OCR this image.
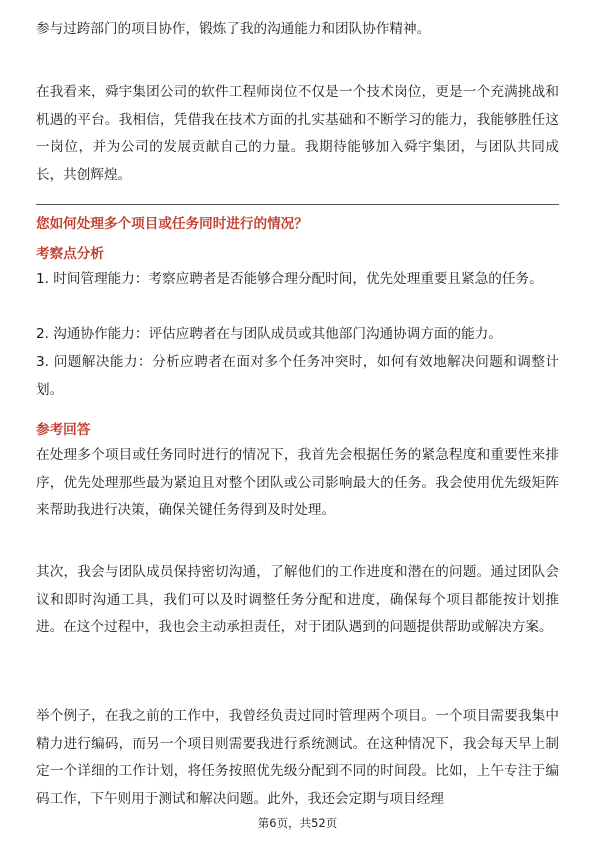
参与过跨部门的项目协作，锻炼了我的沟通能力和团队协作精神。

在我看来，舜宇集团公司的软件工程师岗位不仅是一个技术岗位，更是一个充满挑战和机遇的平台。我相信，凭借我在技术方面的扎实基础和不断学习的能力，我能够胜任这一岗位，并为公司的发展贡献自己的力量。我期待能够加入舜宇集团，与团队共同成长，共创辉煌。

您如何处理多个项目或任务同时进行的情况？

考察点分析

1. 时间管理能力：考察应聘者是否能够合理分配时间，优先处理重要且紧急的任务。

2. 沟通协作能力：评估应聘者在与团队成员或其他部门沟通协调方面的能力。

3. 问题解决能力：分析应聘者在面对多个任务冲突时，如何有效地解决问题和调整计划。

参考回答

在处理多个项目或任务同时进行的情况下，我首先会根据任务的紧急程度和重要性来排序，优先处理那些最为紧迫且对整个团队或公司影响最大的任务。我会使用优先级矩阵来帮助我进行决策，确保关键任务得到及时处理。

其次，我会与团队成员保持密切沟通，了解他们的工作进度和潜在的问题。通过团队会议和即时沟通工具，我们可以及时调整任务分配和进度，确保每个项目都能按计划推进。在这个过程中，我也会主动承担责任，对于团队遇到的问题提供帮助或解决方案。

举个例子，在我之前的工作中，我曾经负责过同时管理两个项目。一个项目需要我集中精力进行编码，而另一个项目则需要我进行系统测试。在这种情况下，我会每天早上制定一个详细的工作计划，将任务按照优先级分配到不同的时间段。比如，上午专注于编码工作，下午则用于测试和解决问题。此外，我还会定期与项目经理

第6页，共52页
